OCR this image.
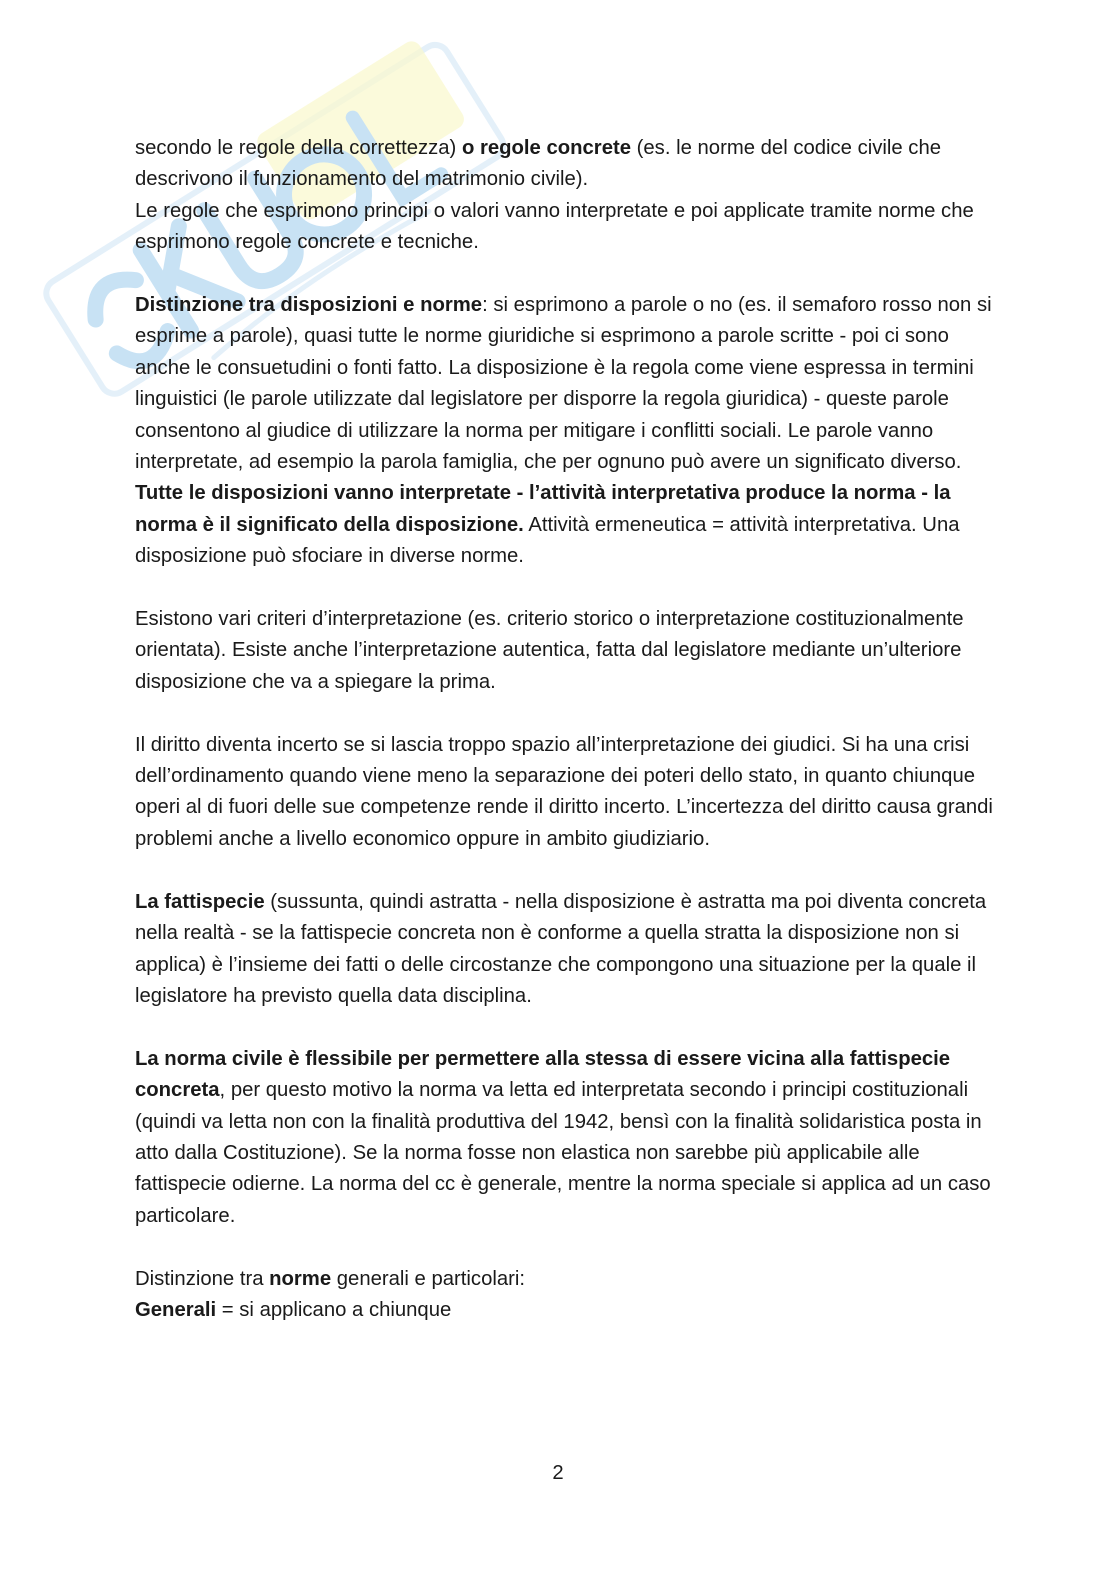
secondo le regole della correttezza) o regole concrete (es. le norme del codice civile che descrivono il funzionamento del matrimonio civile).
Le regole che esprimono principi o valori vanno interpretate e poi applicate tramite norme che esprimono regole concrete e tecniche.

Distinzione tra disposizioni e norme: si esprimono a parole o no (es. il semaforo rosso non si esprime a parole), quasi tutte le norme giuridiche si esprimono a parole scritte - poi ci sono anche le consuetudini o fonti fatto. La disposizione è la regola come viene espressa in termini linguistici (le parole utilizzate dal legislatore per disporre la regola giuridica) - queste parole consentono al giudice di utilizzare la norma per mitigare i conflitti sociali. Le parole vanno interpretate, ad esempio la parola famiglia, che per ognuno può avere un significato diverso. Tutte le disposizioni vanno interpretate - l’attività interpretativa produce la norma - la norma è il significato della disposizione. Attività ermeneutica = attività interpretativa. Una disposizione può sfociare in diverse norme.

Esistono vari criteri d’interpretazione (es. criterio storico o interpretazione costituzionalmente orientata). Esiste anche l’interpretazione autentica, fatta dal legislatore mediante un’ulteriore disposizione che va a spiegare la prima.

Il diritto diventa incerto se si lascia troppo spazio all’interpretazione dei giudici. Si ha una crisi dell’ordinamento quando viene meno la separazione dei poteri dello stato, in quanto chiunque operi al di fuori delle sue competenze rende il diritto incerto. L’incertezza del diritto causa grandi problemi anche a livello economico oppure in ambito giudiziario.

La fattispecie (sussunta, quindi astratta - nella disposizione è astratta ma poi diventa concreta nella realtà - se la fattispecie concreta non è conforme a quella stratta la disposizione non si applica) è l’insieme dei fatti o delle circostanze che compongono una situazione per la quale il legislatore ha previsto quella data disciplina.

La norma civile è flessibile per permettere alla stessa di essere vicina alla fattispecie concreta, per questo motivo la norma va letta ed interpretata secondo i principi costituzionali (quindi va letta non con la finalità produttiva del 1942, bensì con la finalità solidaristica posta in atto dalla Costituzione). Se la norma fosse non elastica non sarebbe più applicabile alle fattispecie odierne. La norma del cc è generale, mentre la norma speciale si applica ad un caso particolare.

Distinzione tra norme generali e particolari:
Generali = si applicano a chiunque

2
